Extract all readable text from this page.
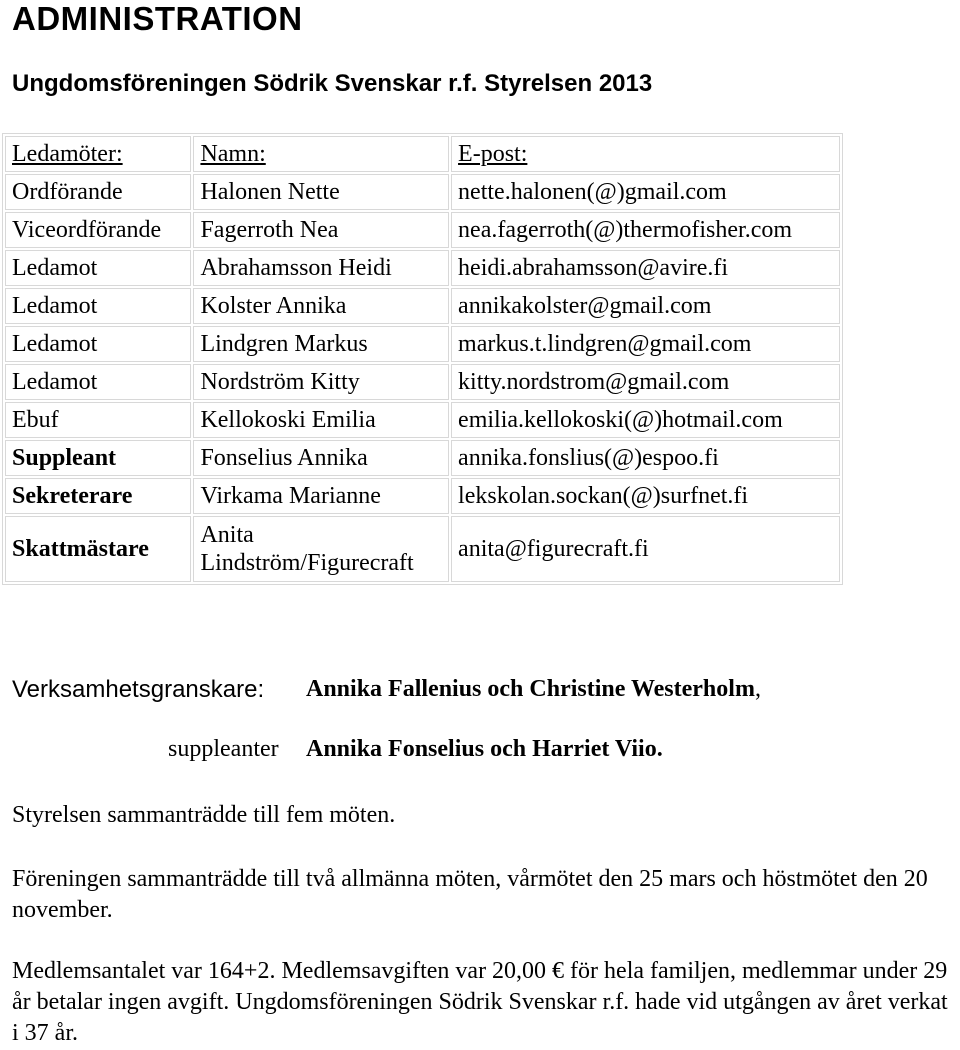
ADMINISTRATION
Ungdomsföreningen Södrik Svenskar r.f. Styrelsen 2013
Ledamöter:	Namn:	E-post:
Ordförande	Halonen Nette	nette.halonen(@)gmail.com
Viceordförande	Fagerroth Nea	nea.fagerroth(@)thermofisher.com
Ledamot	Abrahamsson Heidi	heidi.abrahamsson@avire.fi
Ledamot	Kolster Annika	annikakolster@gmail.com
Ledamot	Lindgren Markus	markus.t.lindgren@gmail.com
Ledamot	Nordström Kitty	kitty.nordstrom@gmail.com
Ebuf	Kellokoski Emilia	emilia.kellokoski(@)hotmail.com
Suppleant	Fonselius Annika	annika.fonslius(@)espoo.fi
Sekreterare	Virkama Marianne	lekskolan.sockan(@)surfnet.fi
Skattmästare	Anita Lindström/Figurecraft	anita@figurecraft.fi
Verksamhetsgranskare: Annika Fallenius och Christine Westerholm,
suppleanter Annika Fonselius och Harriet Viio.

Styrelsen sammanträdde till fem möten.

Föreningen sammanträdde till två allmänna möten, vårmötet den 25 mars och höstmötet den 20 november.

Medlemsantalet var 164+2. Medlemsavgiften var 20,00 € för hela familjen, medlemmar under 29 år betalar ingen avgift. Ungdomsföreningen Södrik Svenskar r.f. hade vid utgången av året verkat i 37 år.
